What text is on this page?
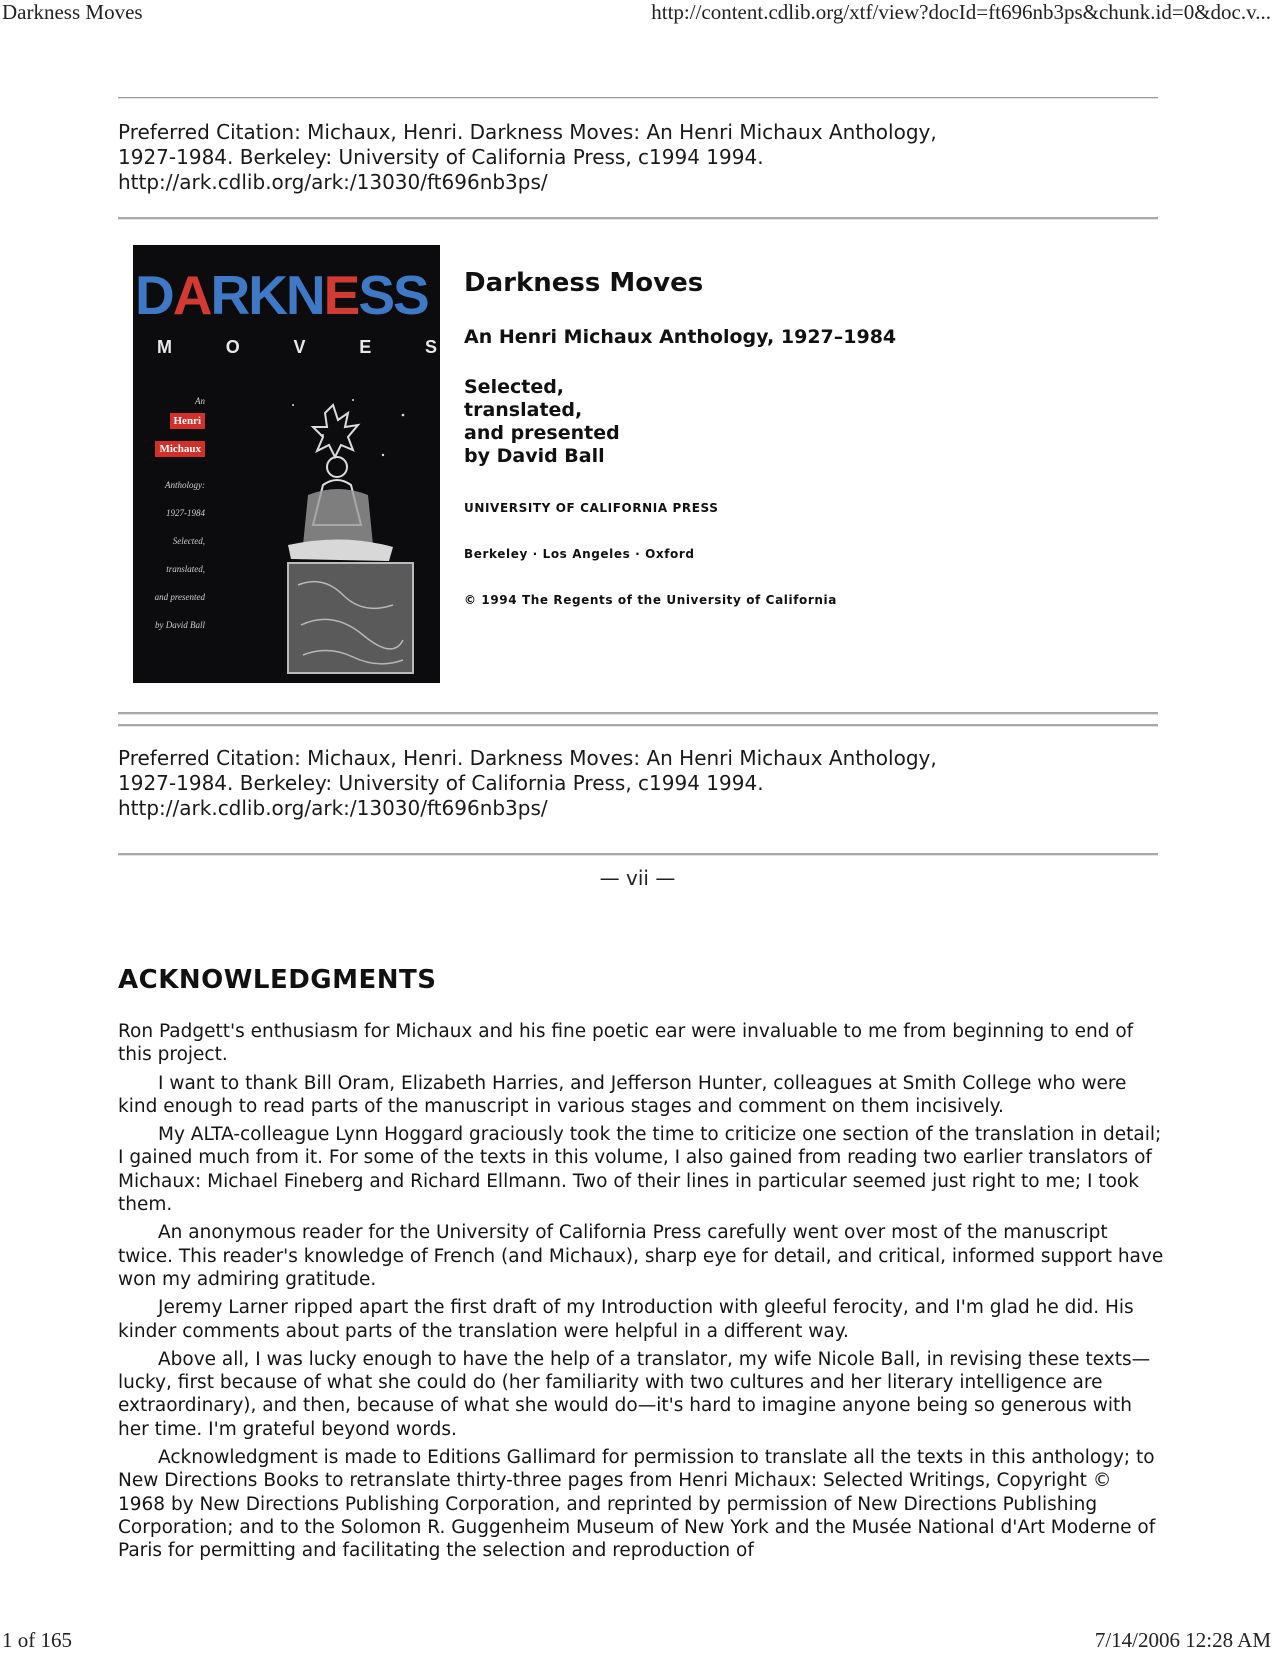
Darkness Moves	http://content.cdlib.org/xtf/view?docId=ft696nb3ps&chunk.id=0&doc.v...
Preferred Citation: Michaux, Henri. Darkness Moves: An Henri Michaux Anthology,
1927-1984. Berkeley: University of California Press, c1994 1994.
http://ark.cdlib.org/ark:/13030/ft696nb3ps/
DARKNESS
M	O	V	E	S
An
Henri
Michaux
Anthology:
1927-1984
Selected,
translated,
and presented
by David Ball
Darkness Moves
An Henri Michaux Anthology, 1927–1984
Selected,
translated,
and presented
by David Ball
UNIVERSITY OF CALIFORNIA PRESS
Berkeley · Los Angeles · Oxford
© 1994 The Regents of the University of California
Preferred Citation: Michaux, Henri. Darkness Moves: An Henri Michaux Anthology,
1927-1984. Berkeley: University of California Press, c1994 1994.
http://ark.cdlib.org/ark:/13030/ft696nb3ps/
— vii —
ACKNOWLEDGMENTS

Ron Padgett's enthusiasm for Michaux and his fine poetic ear were invaluable to me from beginning to end of this project.

I want to thank Bill Oram, Elizabeth Harries, and Jefferson Hunter, colleagues at Smith College who were kind enough to read parts of the manuscript in various stages and comment on them incisively.

My ALTA-colleague Lynn Hoggard graciously took the time to criticize one section of the translation in detail; I gained much from it. For some of the texts in this volume, I also gained from reading two earlier translators of Michaux: Michael Fineberg and Richard Ellmann. Two of their lines in particular seemed just right to me; I took them.

An anonymous reader for the University of California Press carefully went over most of the manuscript twice. This reader's knowledge of French (and Michaux), sharp eye for detail, and critical, informed support have won my admiring gratitude.

Jeremy Larner ripped apart the first draft of my Introduction with gleeful ferocity, and I'm glad he did. His kinder comments about parts of the translation were helpful in a different way.

Above all, I was lucky enough to have the help of a translator, my wife Nicole Ball, in revising these texts—lucky, first because of what she could do (her familiarity with two cultures and her literary intelligence are extraordinary), and then, because of what she would do—it's hard to imagine anyone being so generous with her time. I'm grateful beyond words.

Acknowledgment is made to Editions Gallimard for permission to translate all the texts in this anthology; to New Directions Books to retranslate thirty-three pages from Henri Michaux: Selected Writings, Copyright © 1968 by New Directions Publishing Corporation, and reprinted by permission of New Directions Publishing Corporation; and to the Solomon R. Guggenheim Museum of New York and the Musée National d'Art Moderne of Paris for permitting and facilitating the selection and reproduction of

1 of 165	7/14/2006 12:28 AM
